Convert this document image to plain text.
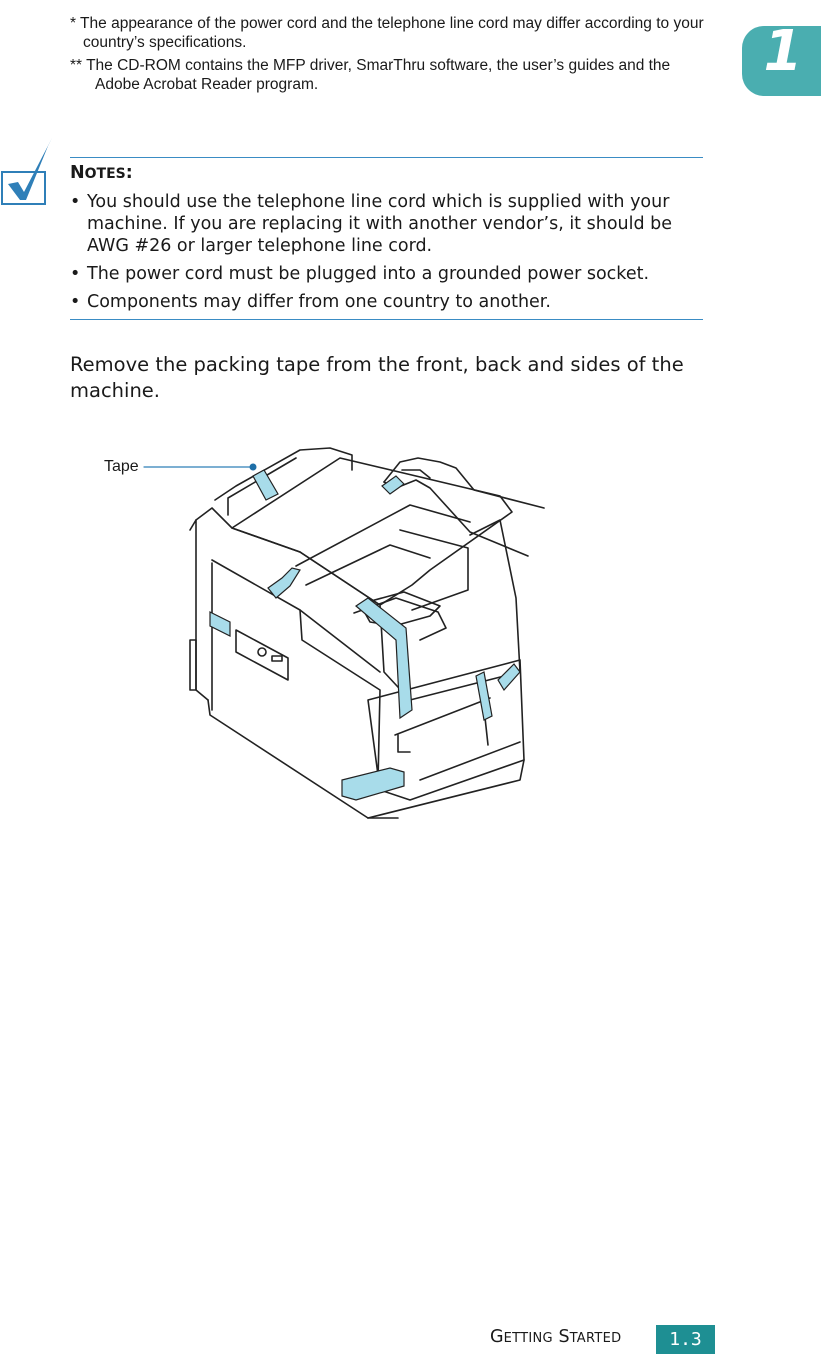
* The appearance of the power cord and the telephone line cord may differ according to your country’s specifications.

** The CD-ROM contains the MFP driver, SmarThru software, the user’s guides and the Adobe Acrobat Reader program.

1

NOTES:

• You should use the telephone line cord which is supplied with your machine. If you are replacing it with another vendor’s, it should be AWG #26 or larger telephone line cord.
• The power cord must be plugged into a grounded power socket.
• Components may differ from one country to another.

Remove the packing tape from the front, back and sides of the machine.

Tape
GETTING STARTED	1.3
